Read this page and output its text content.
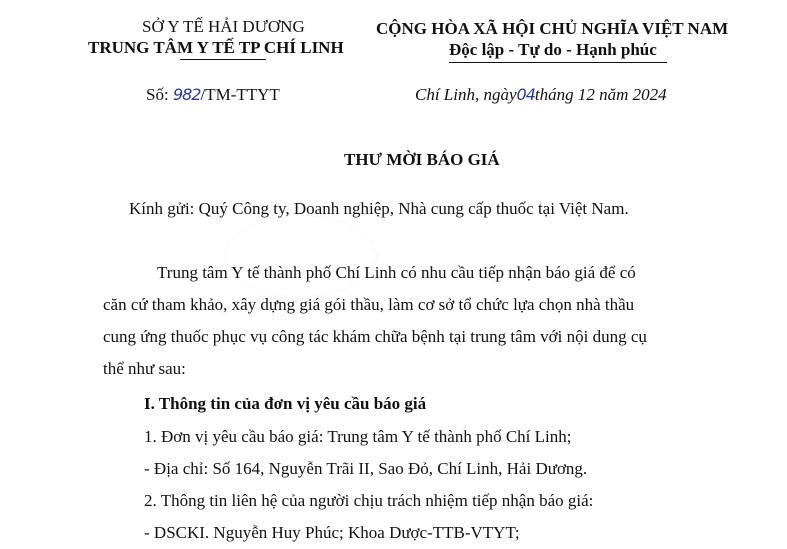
SỞ Y TẾ HẢI DƯƠNG
TRUNG TÂM Y TẾ TP CHÍ LINH
Số: 982/TM-TTYT
CỘNG HÒA XÃ HỘI CHỦ NGHĨA VIỆT NAM
Độc lập - Tự do - Hạnh phúc
Chí Linh, ngày04tháng 12 năm 2024
THƯ MỜI BÁO GIÁ
Kính gửi: Quý Công ty, Doanh nghiệp, Nhà cung cấp thuốc tại Việt Nam.
Trung tâm Y tế thành phố Chí Linh có nhu cầu tiếp nhận báo giá để có
căn cứ tham khảo, xây dựng giá gói thầu, làm cơ sở tổ chức lựa chọn nhà thầu
cung ứng thuốc phục vụ công tác khám chữa bệnh tại trung tâm với nội dung cụ
thể như sau:
I. Thông tin của đơn vị yêu cầu báo giá
1. Đơn vị yêu cầu báo giá: Trung tâm Y tế thành phố Chí Linh;
- Địa chỉ: Số 164, Nguyễn Trãi II, Sao Đỏ, Chí Linh, Hải Dương.
2. Thông tin liên hệ của người chịu trách nhiệm tiếp nhận báo giá:
- DSCKI. Nguyễn Huy Phúc; Khoa Dược-TTB-VTYT;
